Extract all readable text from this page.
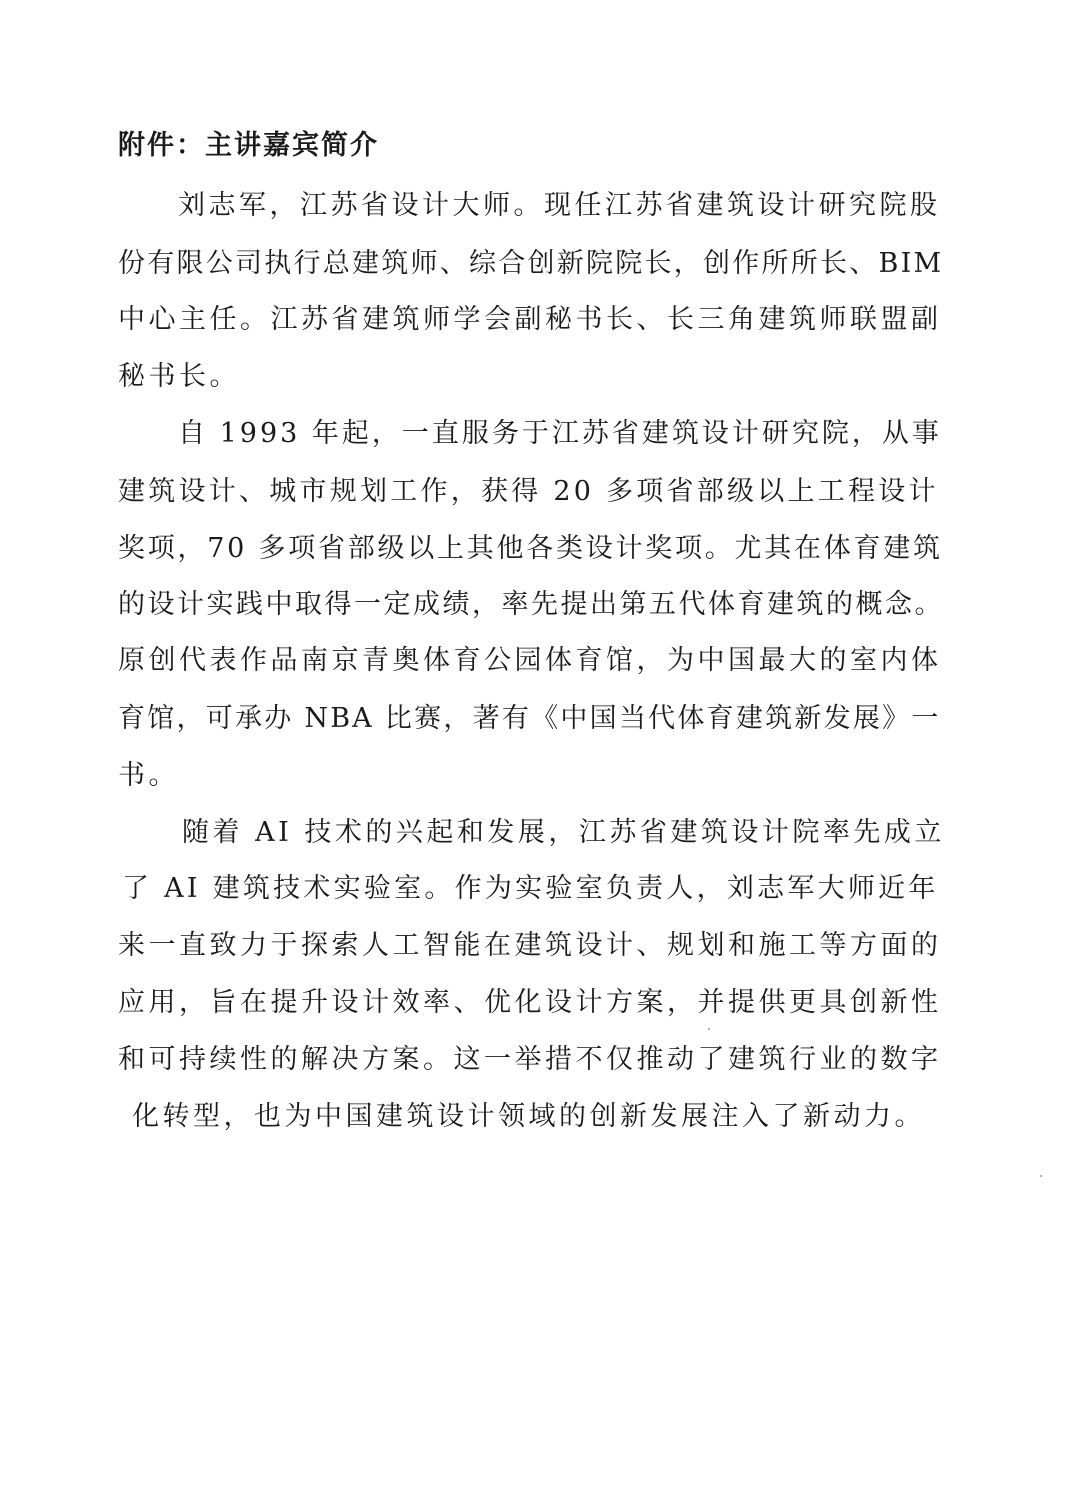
附件：主讲嘉宾简介
刘志军，江苏省设计大师。现任江苏省建筑设计研究院股
份有限公司执行总建筑师、综合创新院院长，创作所所长、BIM
中心主任。江苏省建筑师学会副秘书长、长三角建筑师联盟副
秘书长。
自 1993 年起，一直服务于江苏省建筑设计研究院，从事
建筑设计、城市规划工作，获得 20 多项省部级以上工程设计
奖项，70 多项省部级以上其他各类设计奖项。尤其在体育建筑
的设计实践中取得一定成绩，率先提出第五代体育建筑的概念。
原创代表作品南京青奥体育公园体育馆，为中国最大的室内体
育馆，可承办 NBA 比赛，著有《中国当代体育建筑新发展》一
书。
随着 AI 技术的兴起和发展，江苏省建筑设计院率先成立
了 AI 建筑技术实验室。作为实验室负责人，刘志军大师近年
来一直致力于探索人工智能在建筑设计、规划和施工等方面的
应用，旨在提升设计效率、优化设计方案，并提供更具创新性
和可持续性的解决方案。这一举措不仅推动了建筑行业的数字
化转型，也为中国建筑设计领域的创新发展注入了新动力。
